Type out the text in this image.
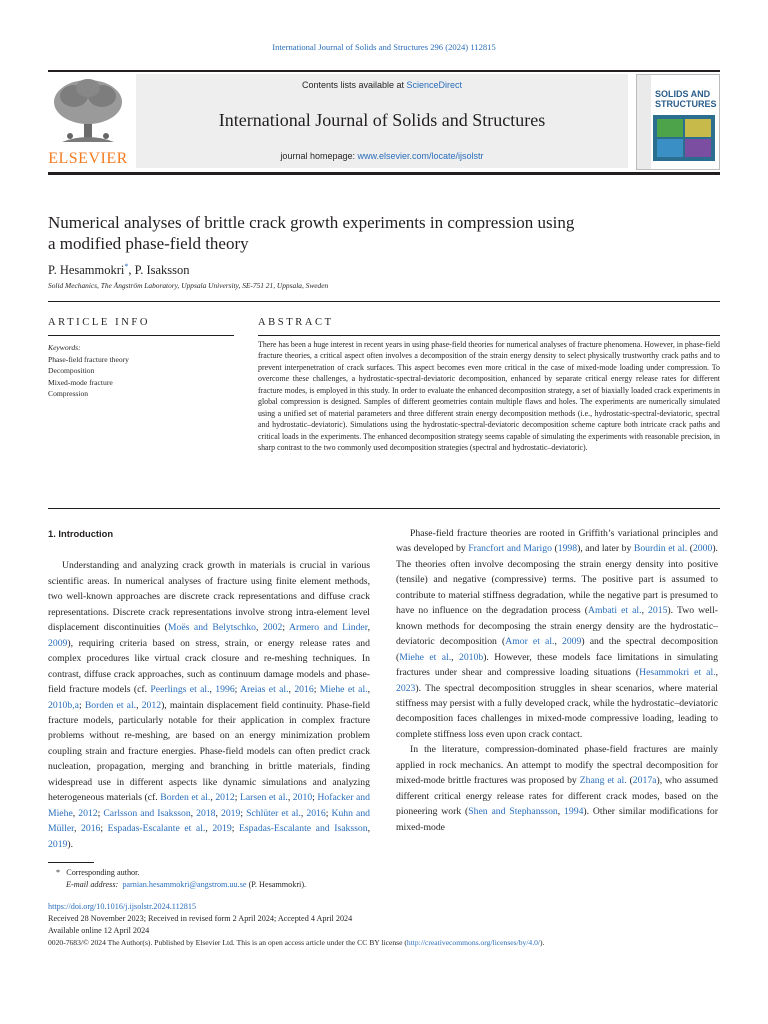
International Journal of Solids and Structures 296 (2024) 112815
ELSEVIER
Contents lists available at ScienceDirect
International Journal of Solids and Structures
journal homepage: www.elsevier.com/locate/ijsolstr
SOLIDS AND
STRUCTURES
Numerical analyses of brittle crack growth experiments in compression using
a modified phase-field theory
P. Hesammokri*, P. Isaksson
Solid Mechanics, The Ångström Laboratory, Uppsala University, SE-751 21, Uppsala, Sweden
ARTICLE INFO	ABSTRACT
Keywords:
Phase-field fracture theory
Decomposition
Mixed-mode fracture
Compression
There has been a huge interest in recent years in using phase-field theories for numerical analyses of fracture phenomena. However, in phase-field fracture theories, a critical aspect often involves a decomposition of the strain energy density to select physically trustworthy crack paths and to prevent interpenetration of crack surfaces. This aspect becomes even more critical in the case of mixed-mode loading under compression. To overcome these challenges, a hydrostatic-spectral-deviatoric decomposition, enhanced by separate critical energy release rates for different fracture modes, is employed in this study. In order to evaluate the enhanced decomposition strategy, a set of biaxially loaded crack experiments in global compression is designed. Samples of different geometries contain multiple flaws and holes. The experiments are numerically simulated using a unified set of material parameters and three different strain energy decomposition methods (i.e., hydrostatic-spectral-deviatoric, spectral and hydrostatic–deviatoric). Simulations using the hydrostatic-spectral-deviatoric decomposition scheme capture both intricate crack paths and critical loads in the experiments. The enhanced decomposition strategy seems capable of simulating the experiments with reasonable precision, in sharp contrast to the two commonly used decomposition strategies (spectral and hydrostatic–deviatoric).
1. Introduction

Understanding and analyzing crack growth in materials is crucial in various scientific areas. In numerical analyses of fracture using finite element methods, two well-known approaches are discrete crack representations and diffuse crack representations. Discrete crack representations involve strong intra-element level displacement discontinuities (Moës and Belytschko, 2002; Armero and Linder, 2009), requiring criteria based on stress, strain, or energy release rates and complex procedures like virtual crack closure and re-meshing techniques. In contrast, diffuse crack approaches, such as continuum damage models and phase-field fracture models (cf. Peerlings et al., 1996; Areias et al., 2016; Miehe et al., 2010b,a; Borden et al., 2012), maintain displacement field continuity. Phase-field fracture models, particularly notable for their application in complex fracture problems without re-meshing, are based on an energy minimization problem coupling strain and fracture energies. Phase-field models can often predict crack nucleation, propagation, merging and branching in brittle materials, finding widespread use in different aspects like dynamic simulations and analyzing heterogeneous materials (cf. Borden et al., 2012; Larsen et al., 2010; Hofacker and Miehe, 2012; Carlsson and Isaksson, 2018, 2019; Schlüter et al., 2016; Kuhn and Müller, 2016; Espadas-Escalante et al., 2019; Espadas-Escalante and Isaksson, 2019).

Phase-field fracture theories are rooted in Griffith’s variational principles and was developed by Francfort and Marigo (1998), and later by Bourdin et al. (2000). The theories often involve decomposing the strain energy density into positive (tensile) and negative (compressive) terms. The positive part is assumed to contribute to material stiffness degradation, while the negative part is presumed to have no influence on the degradation process (Ambati et al., 2015). Two well-known methods for decomposing the strain energy density are the hydrostatic–deviatoric decomposition (Amor et al., 2009) and the spectral decomposition (Miehe et al., 2010b). However, these models face limitations in simulating fractures under shear and compressive loading situations (Hesammokri et al., 2023). The spectral decomposition struggles in shear scenarios, where material stiffness may persist with a fully developed crack, while the hydrostatic–deviatoric decomposition faces challenges in mixed-mode compressive loading, leading to complete stiffness loss even upon crack contact.

In the literature, compression-dominated phase-field fractures are mainly applied in rock mechanics. An attempt to modify the spectral decomposition for mixed-mode brittle fractures was proposed by Zhang et al. (2017a), who assumed different critical energy release rates for different crack modes, based on the pioneering work (Shen and Stephansson, 1994). Other similar modifications for mixed-mode

* Corresponding author.
E-mail address: parnian.hesammokri@angstrom.uu.se (P. Hesammokri).
https://doi.org/10.1016/j.ijsolstr.2024.112815
Received 28 November 2023; Received in revised form 2 April 2024; Accepted 4 April 2024
Available online 12 April 2024
0020-7683/© 2024 The Author(s). Published by Elsevier Ltd. This is an open access article under the CC BY license (http://creativecommons.org/licenses/by/4.0/).
